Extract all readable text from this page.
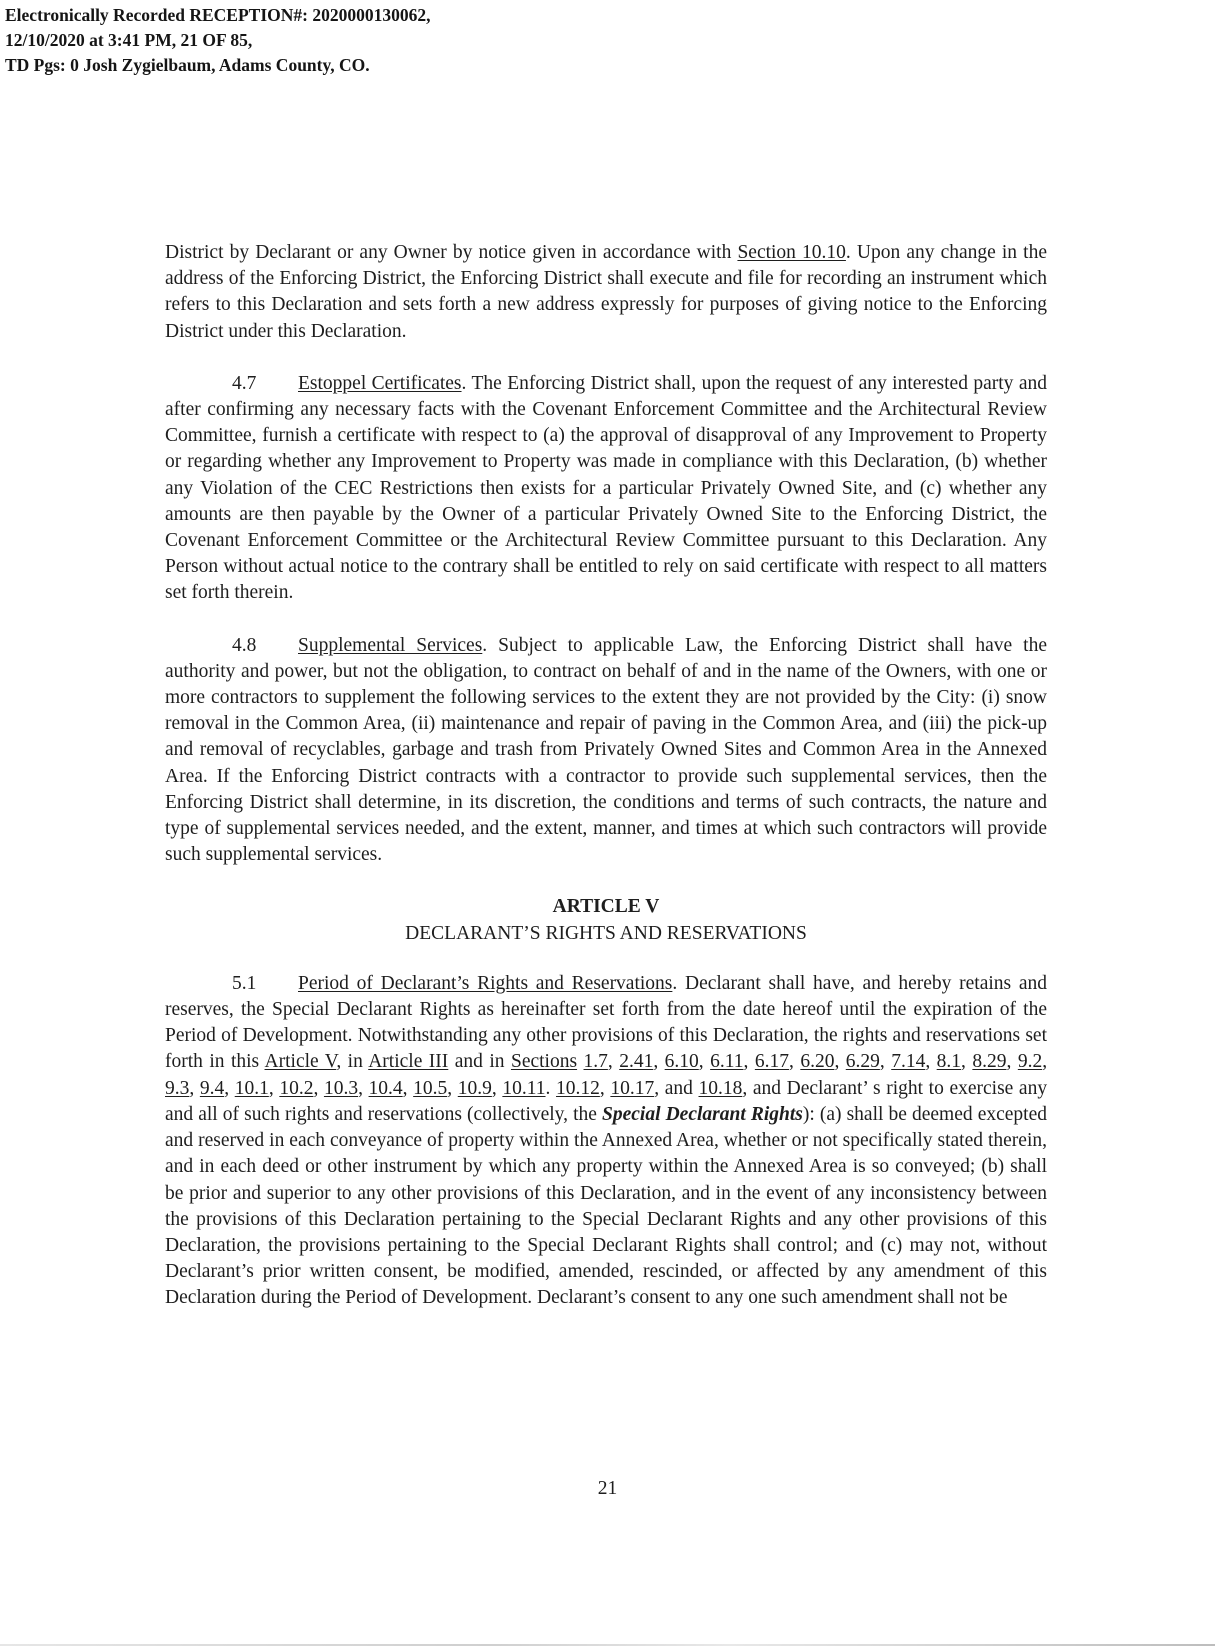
Electronically Recorded RECEPTION#: 2020000130062,
12/10/2020 at 3:41 PM, 21 OF 85,
TD Pgs: 0 Josh Zygielbaum, Adams County, CO.

District by Declarant or any Owner by notice given in accordance with Section 10.10. Upon any change in the address of the Enforcing District, the Enforcing District shall execute and file for recording an instrument which refers to this Declaration and sets forth a new address expressly for purposes of giving notice to the Enforcing District under this Declaration.

4.7 Estoppel Certificates. The Enforcing District shall, upon the request of any interested party and after confirming any necessary facts with the Covenant Enforcement Committee and the Architectural Review Committee, furnish a certificate with respect to (a) the approval of disapproval of any Improvement to Property or regarding whether any Improvement to Property was made in compliance with this Declaration, (b) whether any Violation of the CEC Restrictions then exists for a particular Privately Owned Site, and (c) whether any amounts are then payable by the Owner of a particular Privately Owned Site to the Enforcing District, the Covenant Enforcement Committee or the Architectural Review Committee pursuant to this Declaration. Any Person without actual notice to the contrary shall be entitled to rely on said certificate with respect to all matters set forth therein.

4.8 Supplemental Services. Subject to applicable Law, the Enforcing District shall have the authority and power, but not the obligation, to contract on behalf of and in the name of the Owners, with one or more contractors to supplement the following services to the extent they are not provided by the City: (i) snow removal in the Common Area, (ii) maintenance and repair of paving in the Common Area, and (iii) the pick-up and removal of recyclables, garbage and trash from Privately Owned Sites and Common Area in the Annexed Area. If the Enforcing District contracts with a contractor to provide such supplemental services, then the Enforcing District shall determine, in its discretion, the conditions and terms of such contracts, the nature and type of supplemental services needed, and the extent, manner, and times at which such contractors will provide such supplemental services.

ARTICLE V
DECLARANT’S RIGHTS AND RESERVATIONS

5.1 Period of Declarant’s Rights and Reservations. Declarant shall have, and hereby retains and reserves, the Special Declarant Rights as hereinafter set forth from the date hereof until the expiration of the Period of Development. Notwithstanding any other provisions of this Declaration, the rights and reservations set forth in this Article V, in Article III and in Sections 1.7, 2.41, 6.10, 6.11, 6.17, 6.20, 6.29, 7.14, 8.1, 8.29, 9.2, 9.3, 9.4, 10.1, 10.2, 10.3, 10.4, 10.5, 10.9, 10.11. 10.12, 10.17, and 10.18, and Declarant’ s right to exercise any and all of such rights and reservations (collectively, the Special Declarant Rights): (a) shall be deemed excepted and reserved in each conveyance of property within the Annexed Area, whether or not specifically stated therein, and in each deed or other instrument by which any property within the Annexed Area is so conveyed; (b) shall be prior and superior to any other provisions of this Declaration, and in the event of any inconsistency between the provisions of this Declaration pertaining to the Special Declarant Rights and any other provisions of this Declaration, the provisions pertaining to the Special Declarant Rights shall control; and (c) may not, without Declarant’s prior written consent, be modified, amended, rescinded, or affected by any amendment of this Declaration during the Period of Development. Declarant’s consent to any one such amendment shall not be

21
